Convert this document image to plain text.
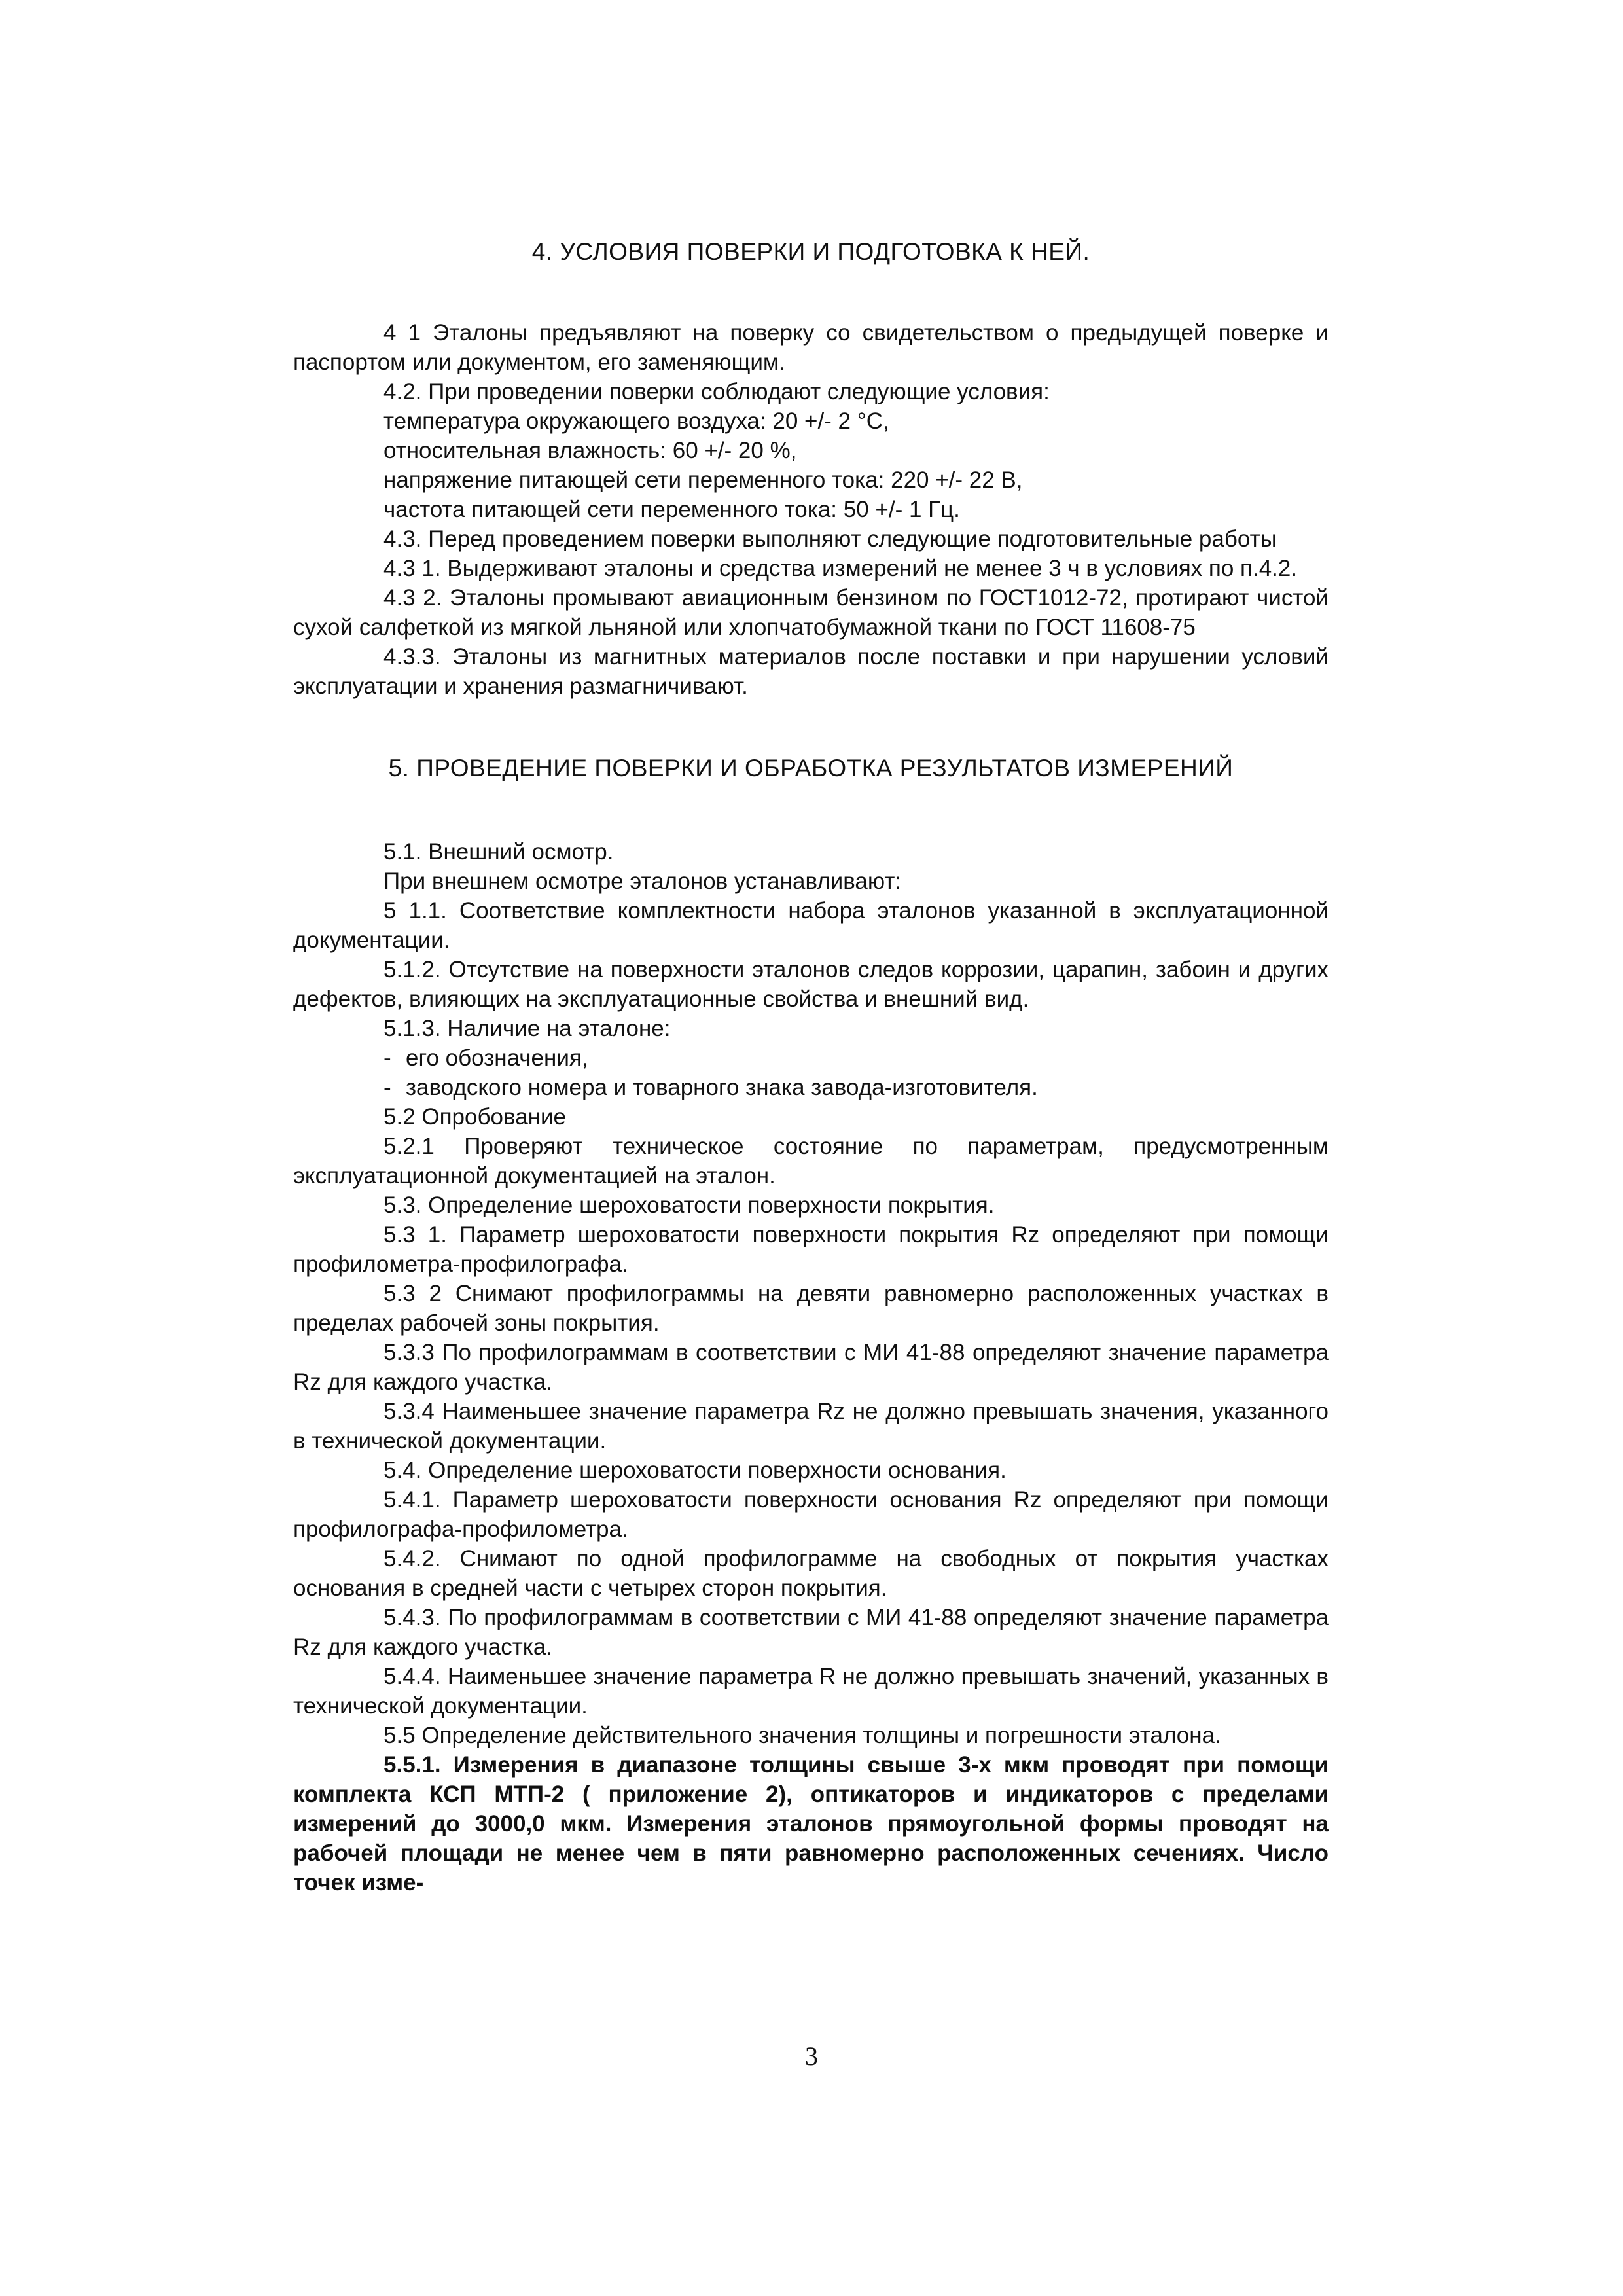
4. УСЛОВИЯ ПОВЕРКИ И ПОДГОТОВКА К НЕЙ.

4 1 Эталоны предъявляют на поверку со свидетельством о предыдущей поверке и паспортом или документом, его заменяющим.

4.2. При проведении поверки соблюдают следующие условия:

температура окружающего воздуха: 20 +/- 2 °С,

относительная влажность: 60 +/- 20 %,

напряжение питающей сети переменного тока: 220 +/- 22 В,

частота питающей сети переменного тока: 50 +/- 1 Гц.

4.3. Перед проведением поверки выполняют следующие подготовительные работы

4.3 1. Выдерживают эталоны и средства измерений не менее 3 ч в условиях по п.4.2.

4.3 2. Эталоны промывают авиационным бензином по ГОСТ1012-72, протирают чистой сухой салфеткой из мягкой льняной или хлопчатобумажной ткани по ГОСТ 11608-75

4.3.3. Эталоны из магнитных материалов после поставки и при нарушении условий эксплуатации и хранения размагничивают.

5. ПРОВЕДЕНИЕ ПОВЕРКИ И ОБРАБОТКА РЕЗУЛЬТАТОВ ИЗМЕРЕНИЙ

5.1. Внешний осмотр.

При внешнем осмотре эталонов устанавливают:

5 1.1. Соответствие комплектности набора эталонов указанной в эксплуатационной документации.

5.1.2. Отсутствие на поверхности эталонов следов коррозии, царапин, забоин и других дефектов, влияющих на эксплуатационные свойства и внешний вид.

5.1.3. Наличие на эталоне:

- его обозначения,

- заводского номера и товарного знака завода-изготовителя.

5.2 Опробование

5.2.1 Проверяют техническое состояние по параметрам, предусмотренным эксплуатационной документацией на эталон.

5.3. Определение шероховатости поверхности покрытия.

5.3 1. Параметр шероховатости поверхности покрытия Rz определяют при помощи профилометра-профилографа.

5.3 2 Снимают профилограммы на девяти равномерно расположенных участках в пределах рабочей зоны покрытия.

5.3.3 По профилограммам в соответствии с МИ 41-88 определяют значение параметра Rz для каждого участка.

5.3.4 Наименьшее значение параметра Rz не должно превышать значения, указанного в технической документации.

5.4. Определение шероховатости поверхности основания.

5.4.1. Параметр шероховатости поверхности основания Rz определяют при помощи профилографа-профилометра.

5.4.2. Снимают по одной профилограмме на свободных от покрытия участках основания в средней части с четырех сторон покрытия.

5.4.3. По профилограммам в соответствии с МИ 41-88 определяют значение параметра Rz для каждого участка.

5.4.4. Наименьшее значение параметра R не должно превышать значений, указанных в технической документации.

5.5 Определение действительного значения толщины и погрешности эталона.

5.5.1. Измерения в диапазоне толщины свыше 3-х мкм проводят при помощи комплекта КСП МТП-2 ( приложение 2), оптикаторов и индикаторов с пределами измерений до 3000,0 мкм. Измерения эталонов прямоугольной формы проводят на рабочей площади не менее чем в пяти равномерно расположенных сечениях. Число точек изме-

3
